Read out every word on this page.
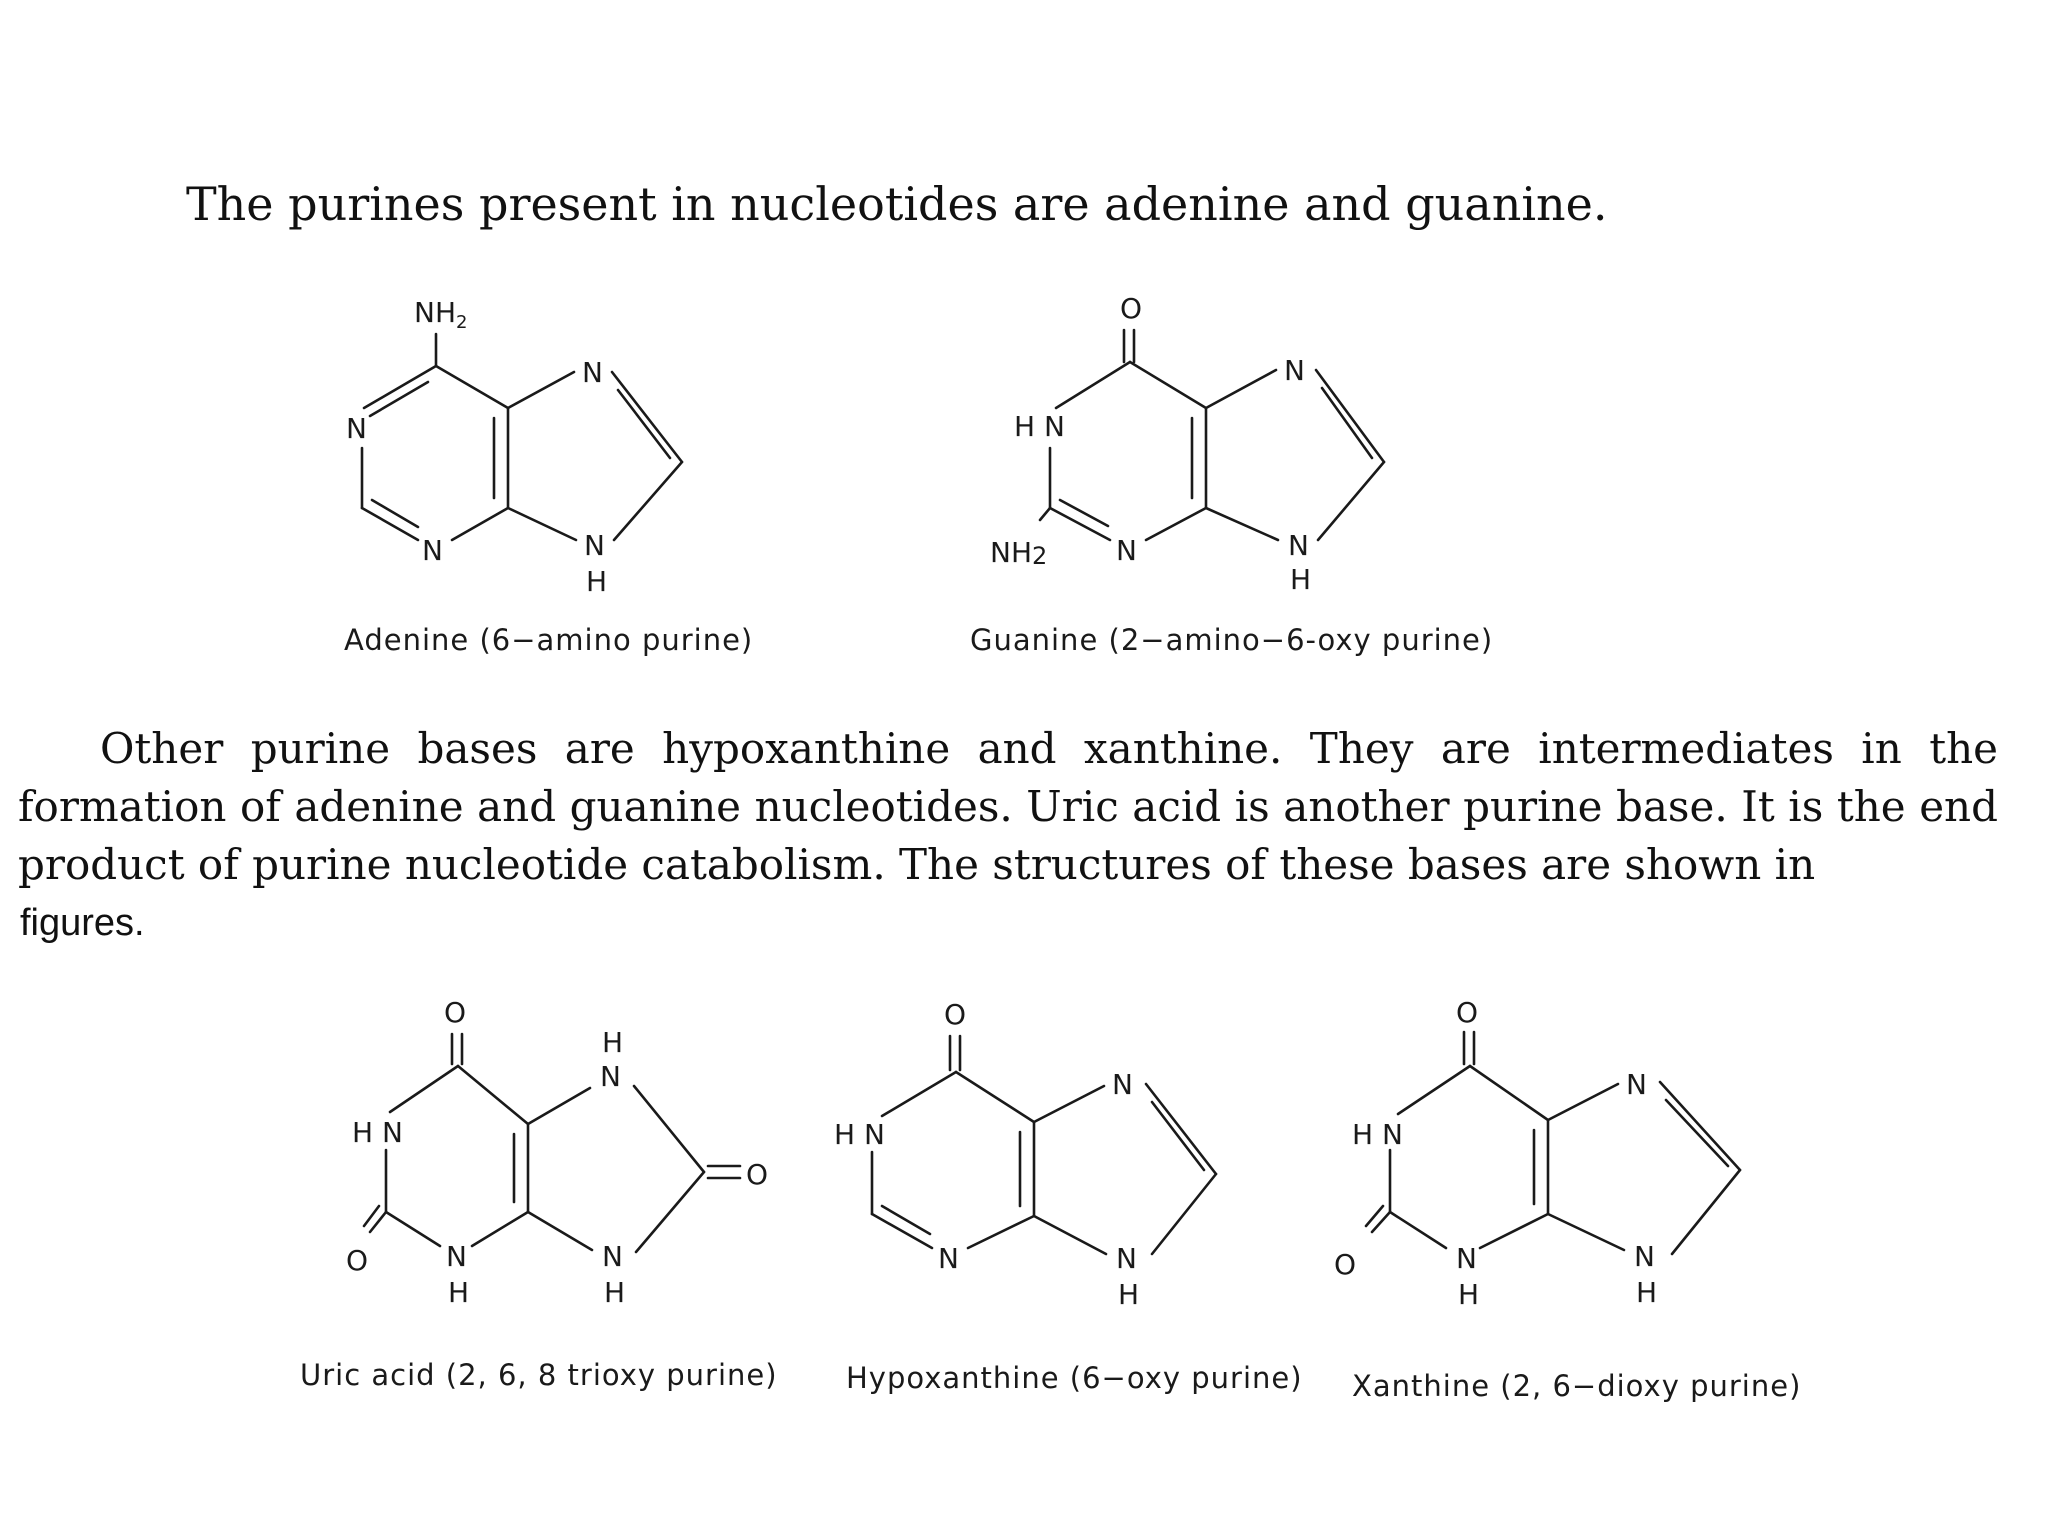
The purines present in nucleotides are adenine and guanine.

Other purine bases are hypoxanthine and xanthine. They are intermediates in the formation of adenine and guanine nucleotides. Uric acid is another purine base. It is the end product of purine nucleotide catabolism. The structures of these bases are shown in

figures.

$NH_2$
N
N
N
N
H
Adenine (6−amino purine)
O
H N
NH2 N
N
N
H
Guanine (2−amino−6-oxy purine)
O
H N
O	N
H
H
N
N
H
O
Uric acid (2, 6, 8 trioxy purine)
O
H N
N
N
N
H
Hypoxanthine (6−oxy purine)
O
H N
O	N
H
N
N
H
Xanthine (2, 6−dioxy purine)
